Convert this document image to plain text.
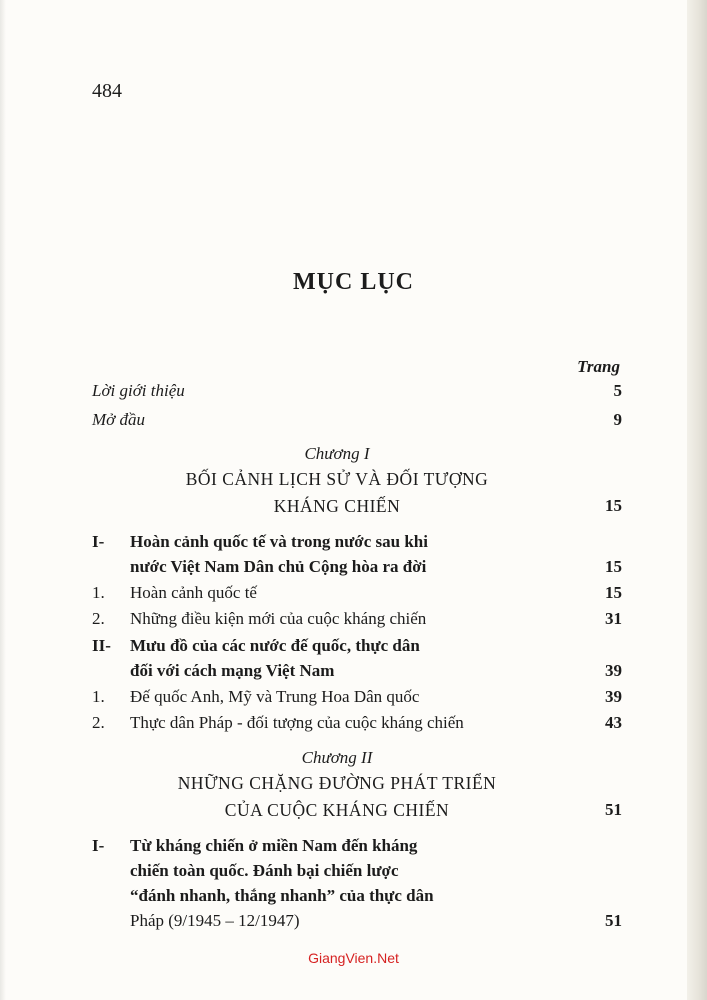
484
MỤC LỤC
Trang
Lời giới thiệu	5
Mở đầu	9
Chương I
BỐI CẢNH LỊCH SỬ VÀ ĐỐI TƯỢNG
KHÁNG CHIẾN	15
I- Hoàn cảnh quốc tế và trong nước sau khi
nước Việt Nam Dân chủ Cộng hòa ra đời	15
1. Hoàn cảnh quốc tế	15
2. Những điều kiện mới của cuộc kháng chiến	31
II- Mưu đồ của các nước đế quốc, thực dân
đối với cách mạng Việt Nam	39
1. Đế quốc Anh, Mỹ và Trung Hoa Dân quốc	39
2. Thực dân Pháp - đối tượng của cuộc kháng chiến	43
Chương II
NHỮNG CHẶNG ĐƯỜNG PHÁT TRIỂN
CỦA CUỘC KHÁNG CHIẾN	51
I- Từ kháng chiến ở miền Nam đến kháng
chiến toàn quốc. Đánh bại chiến lược
“đánh nhanh, thắng nhanh” của thực dân
Pháp (9/1945 – 12/1947)	51
GiangVien.Net
